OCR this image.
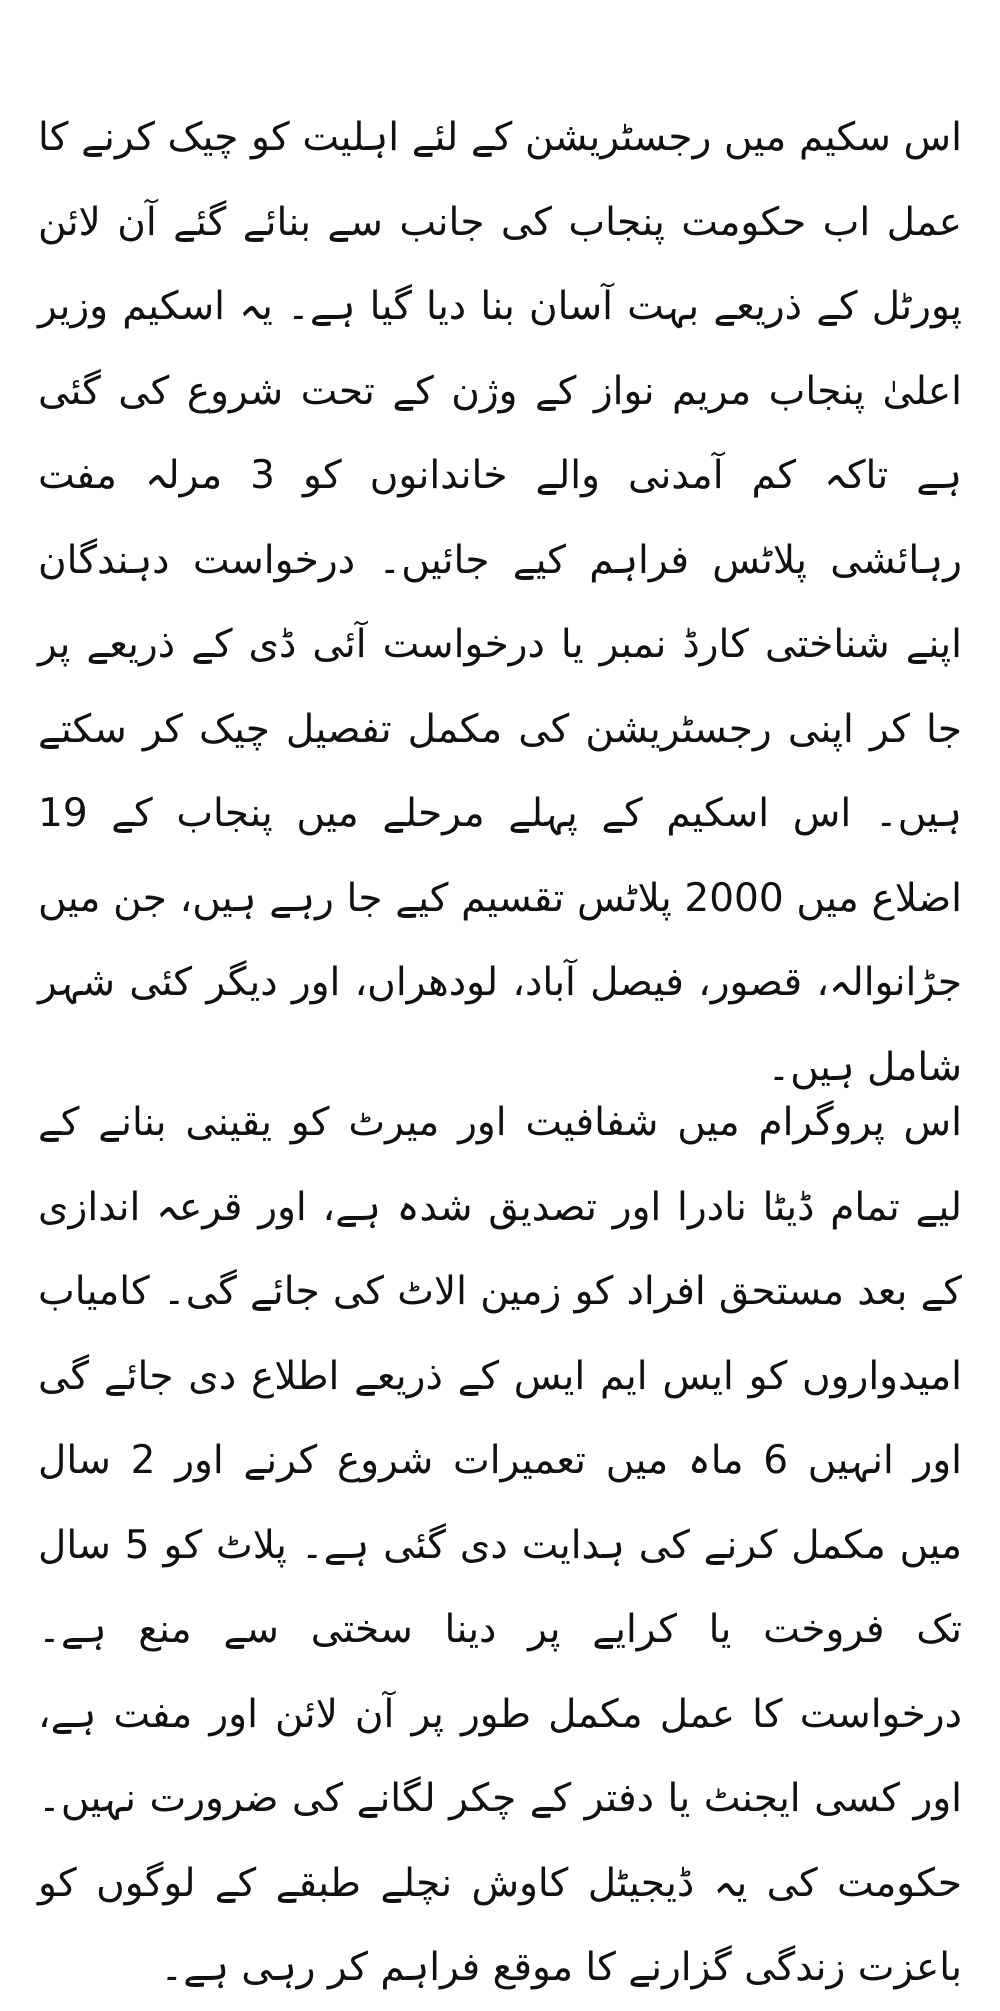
اس سکیم میں رجسٹریشن کے لئے اہلیت کو چیک کرنے کا عمل اب حکومت پنجاب کی جانب سے بنائے گئے آن لائن پورٹل کے ذریعے بہت آسان بنا دیا گیا ہے۔ یہ اسکیم وزیر اعلیٰ پنجاب مریم نواز کے وژن کے تحت شروع کی گئی ہے تاکہ کم آمدنی والے خاندانوں کو 3 مرلہ مفت رہائشی پلاٹس فراہم کیے جائیں۔ درخواست دہندگان اپنے شناختی کارڈ نمبر یا درخواست آئی ڈی کے ذریعے پر جا کر اپنی رجسٹریشن کی مکمل تفصیل چیک کر سکتے ہیں۔ اس اسکیم کے پہلے مرحلے میں پنجاب کے 19 اضلاع میں 2000 پلاٹس تقسیم کیے جا رہے ہیں، جن میں جڑانوالہ، قصور، فیصل آباد، لودھراں، اور دیگر کئی شہر شامل ہیں۔

اس پروگرام میں شفافیت اور میرٹ کو یقینی بنانے کے لیے تمام ڈیٹا نادرا اور تصدیق شدہ ہے، اور قرعہ اندازی کے بعد مستحق افراد کو زمین الاٹ کی جائے گی۔ کامیاب امیدواروں کو ایس ایم ایس کے ذریعے اطلاع دی جائے گی اور انہیں 6 ماہ میں تعمیرات شروع کرنے اور 2 سال میں مکمل کرنے کی ہدایت دی گئی ہے۔ پلاٹ کو 5 سال تک فروخت یا کرایے پر دینا سختی سے منع ہے۔ درخواست کا عمل مکمل طور پر آن لائن اور مفت ہے، اور کسی ایجنٹ یا دفتر کے چکر لگانے کی ضرورت نہیں۔ حکومت کی یہ ڈیجیٹل کاوش نچلے طبقے کے لوگوں کو باعزت زندگی گزارنے کا موقع فراہم کر رہی ہے۔
